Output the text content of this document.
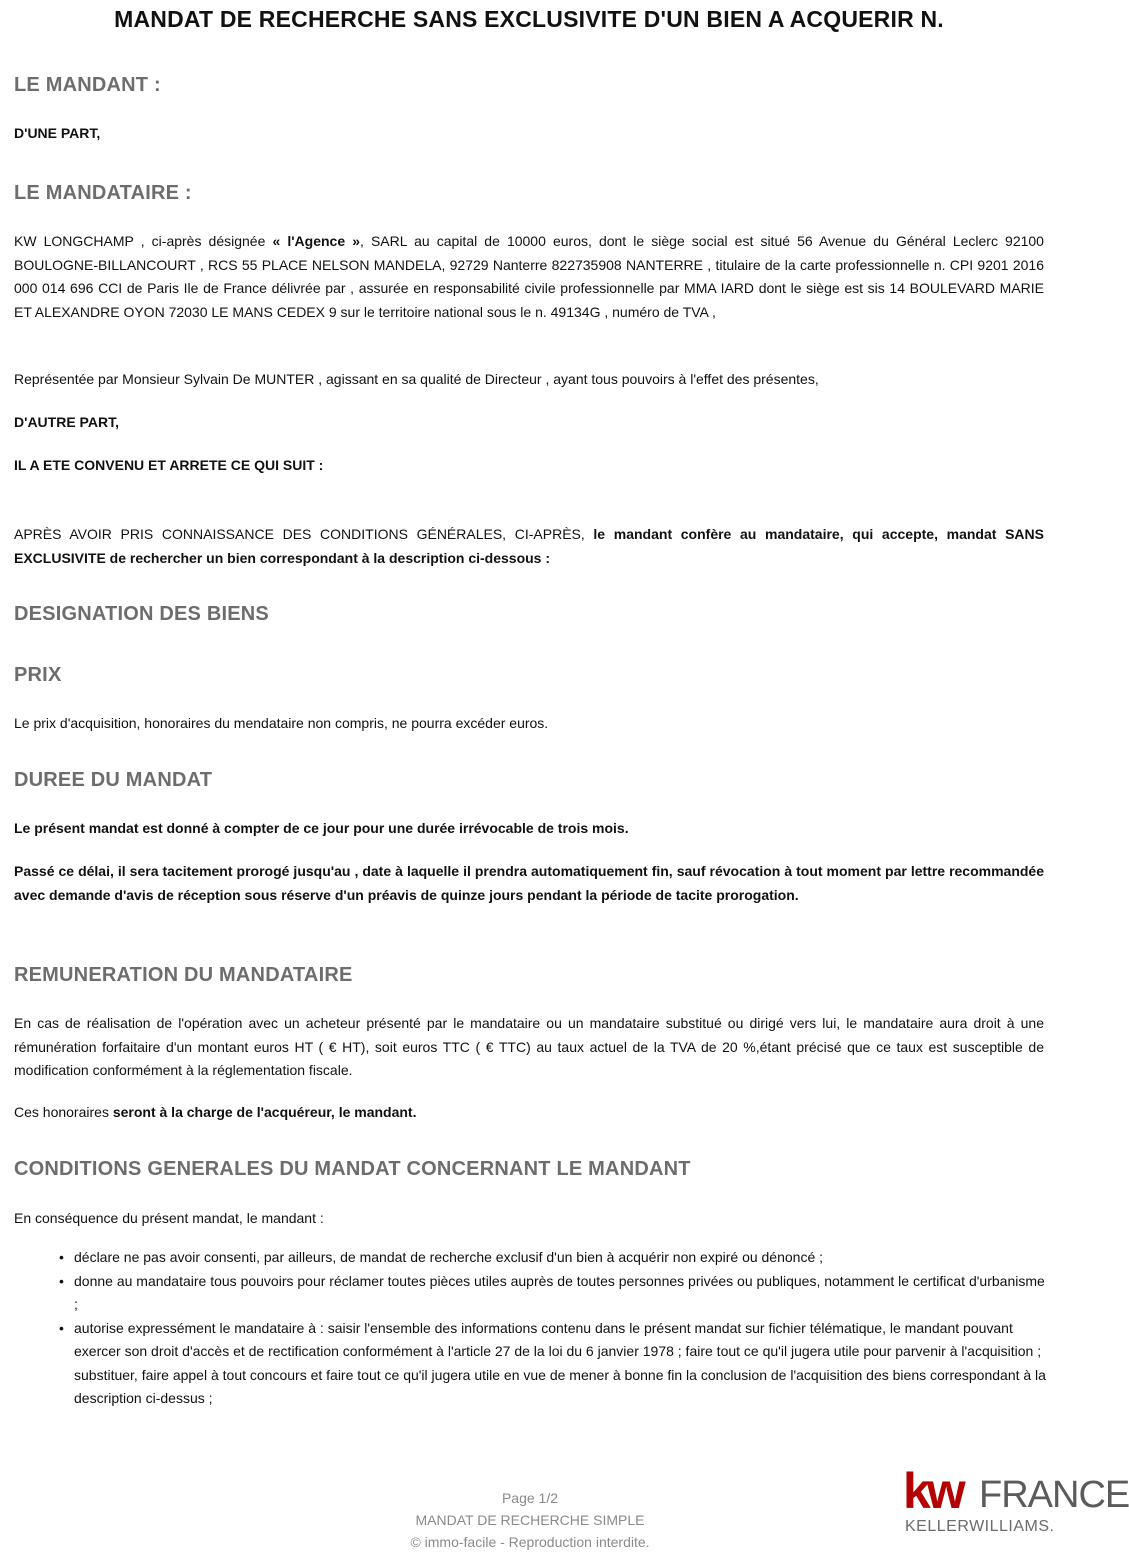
MANDAT DE RECHERCHE SANS EXCLUSIVITE D'UN BIEN A ACQUERIR N.
LE MANDANT :
D'UNE PART,
LE MANDATAIRE :
KW LONGCHAMP , ci-après désignée « l'Agence », SARL au capital de 10000 euros, dont le siège social est situé 56 Avenue du Général Leclerc 92100 BOULOGNE-BILLANCOURT , RCS 55 PLACE NELSON MANDELA, 92729 Nanterre 822735908 NANTERRE , titulaire de la carte professionnelle n. CPI 9201 2016 000 014 696 CCI de Paris Ile de France délivrée par , assurée en responsabilité civile professionnelle par MMA IARD dont le siège est sis 14 BOULEVARD MARIE ET ALEXANDRE OYON 72030 LE MANS CEDEX 9 sur le territoire national sous le n. 49134G , numéro de TVA ,
Représentée par Monsieur Sylvain De MUNTER , agissant en sa qualité de Directeur , ayant tous pouvoirs à l'effet des présentes,
D'AUTRE PART,
IL A ETE CONVENU ET ARRETE CE QUI SUIT :
APRÈS AVOIR PRIS CONNAISSANCE DES CONDITIONS GÉNÉRALES, CI-APRÈS, le mandant confère au mandataire, qui accepte, mandat SANS EXCLUSIVITE de rechercher un bien correspondant à la description ci-dessous :
DESIGNATION DES BIENS
PRIX
Le prix d'acquisition, honoraires du mendataire non compris, ne pourra excéder euros.
DUREE DU MANDAT
Le présent mandat est donné à compter de ce jour pour une durée irrévocable de trois mois.
Passé ce délai, il sera tacitement prorogé jusqu'au , date à laquelle il prendra automatiquement fin, sauf révocation à tout moment par lettre recommandée avec demande d'avis de réception sous réserve d'un préavis de quinze jours pendant la période de tacite prorogation.
REMUNERATION DU MANDATAIRE
En cas de réalisation de l'opération avec un acheteur présenté par le mandataire ou un mandataire substitué ou dirigé vers lui, le mandataire aura droit à une rémunération forfaitaire d'un montant euros HT ( € HT), soit euros TTC ( € TTC) au taux actuel de la TVA de 20 %,étant précisé que ce taux est susceptible de modification conformément à la réglementation fiscale.
Ces honoraires seront à la charge de l'acquéreur, le mandant.
CONDITIONS GENERALES DU MANDAT CONCERNANT LE MANDANT
En conséquence du présent mandat, le mandant :
• déclare ne pas avoir consenti, par ailleurs, de mandat de recherche exclusif d'un bien à acquérir non expiré ou dénoncé ;
• donne au mandataire tous pouvoirs pour réclamer toutes pièces utiles auprès de toutes personnes privées ou publiques, notamment le certificat d'urbanisme ;
• autorise expressément le mandataire à : saisir l'ensemble des informations contenu dans le présent mandat sur fichier télématique, le mandant pouvant exercer son droit d'accès et de rectification conformément à l'article 27 de la loi du 6 janvier 1978 ; faire tout ce qu'il jugera utile pour parvenir à l'acquisition ; substituer, faire appel à tout concours et faire tout ce qu'il jugera utile en vue de mener à bonne fin la conclusion de l'acquisition des biens correspondant à la description ci-dessus ;
Page 1/2
MANDAT DE RECHERCHE SIMPLE
© immo-facile - Reproduction interdite.
kw FRANCE
KELLERWILLIAMS.
